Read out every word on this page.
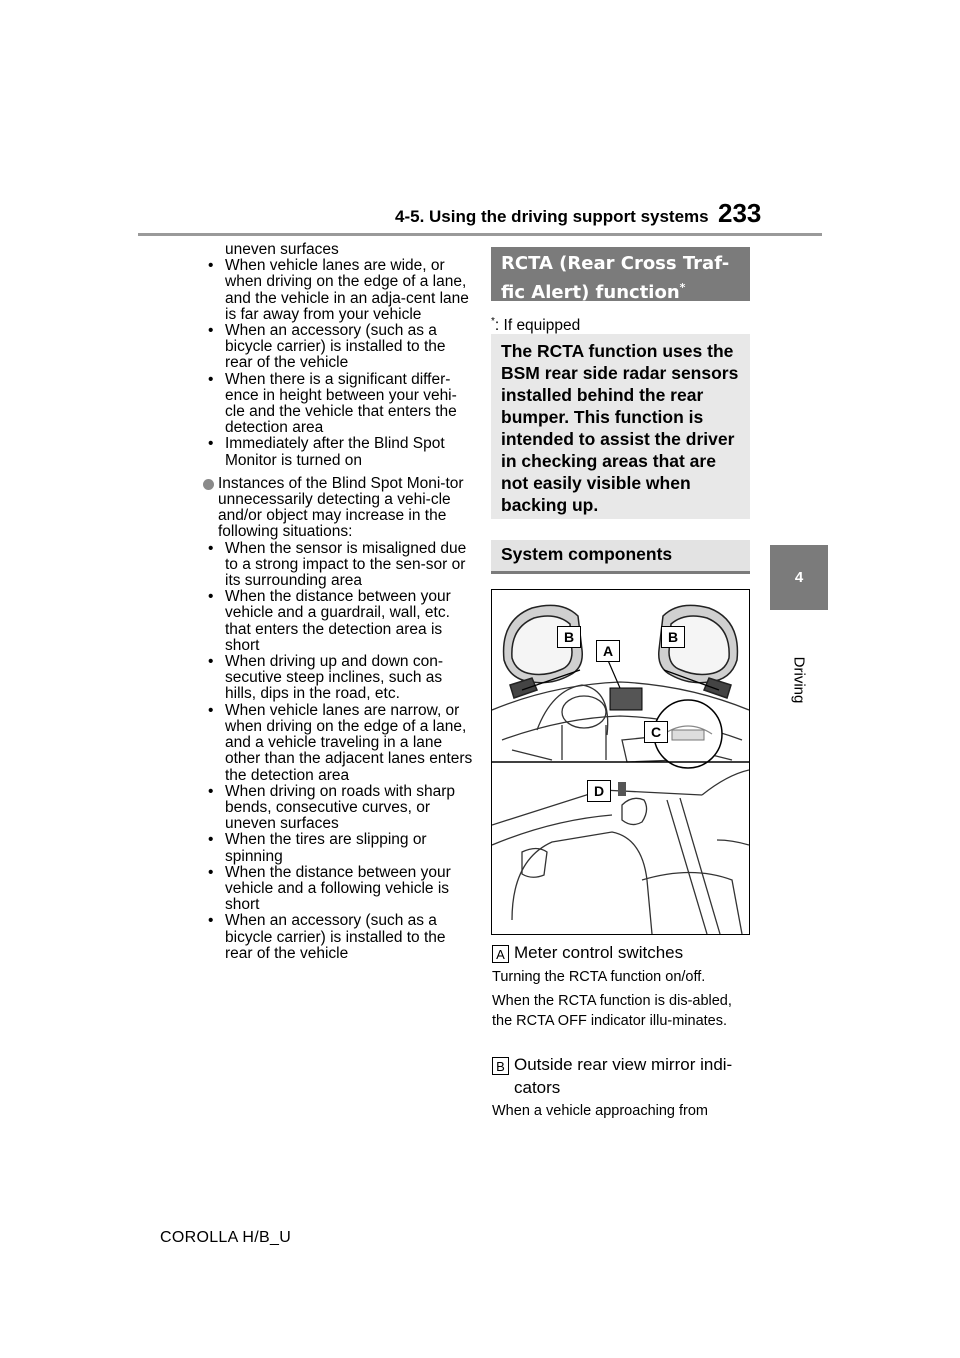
4-5. Using the driving support systems 233
4
Driving

uneven surfaces

• When vehicle lanes are wide, or when driving on the edge of a lane, and the vehicle in an adja-cent lane is far away from your vehicle

• When an accessory (such as a bicycle carrier) is installed to the rear of the vehicle

• When there is a significant differ-ence in height between your vehi-cle and the vehicle that enters the detection area

• Immediately after the Blind Spot Monitor is turned on

Instances of the Blind Spot Moni-tor unnecessarily detecting a vehi-cle and/or object may increase in the following situations:

• When the sensor is misaligned due to a strong impact to the sen-sor or its surrounding area

• When the distance between your vehicle and a guardrail, wall, etc. that enters the detection area is short

• When driving up and down con-secutive steep inclines, such as hills, dips in the road, etc.

• When vehicle lanes are narrow, or when driving on the edge of a lane, and a vehicle traveling in a lane other than the adjacent lanes enters the detection area

• When driving on roads with sharp bends, consecutive curves, or uneven surfaces

• When the tires are slipping or spinning

• When the distance between your vehicle and a following vehicle is short

• When an accessory (such as a bicycle carrier) is installed to the rear of the vehicle

*: If equipped
RCTA (Rear Cross Traf-fic Alert) function*
The RCTA function uses the BSM rear side radar sensors installed behind the rear bumper. This function is intended to assist the driver in checking areas that are not easily visible when backing up.
System components
B	B
A
C
D
A Meter control switches
Turning the RCTA function on/off.
When the RCTA function is dis-abled, the RCTA OFF indicator illu-minates.
B Outside rear view mirror indi-
cators
When a vehicle approaching from
COROLLA H/B_U
